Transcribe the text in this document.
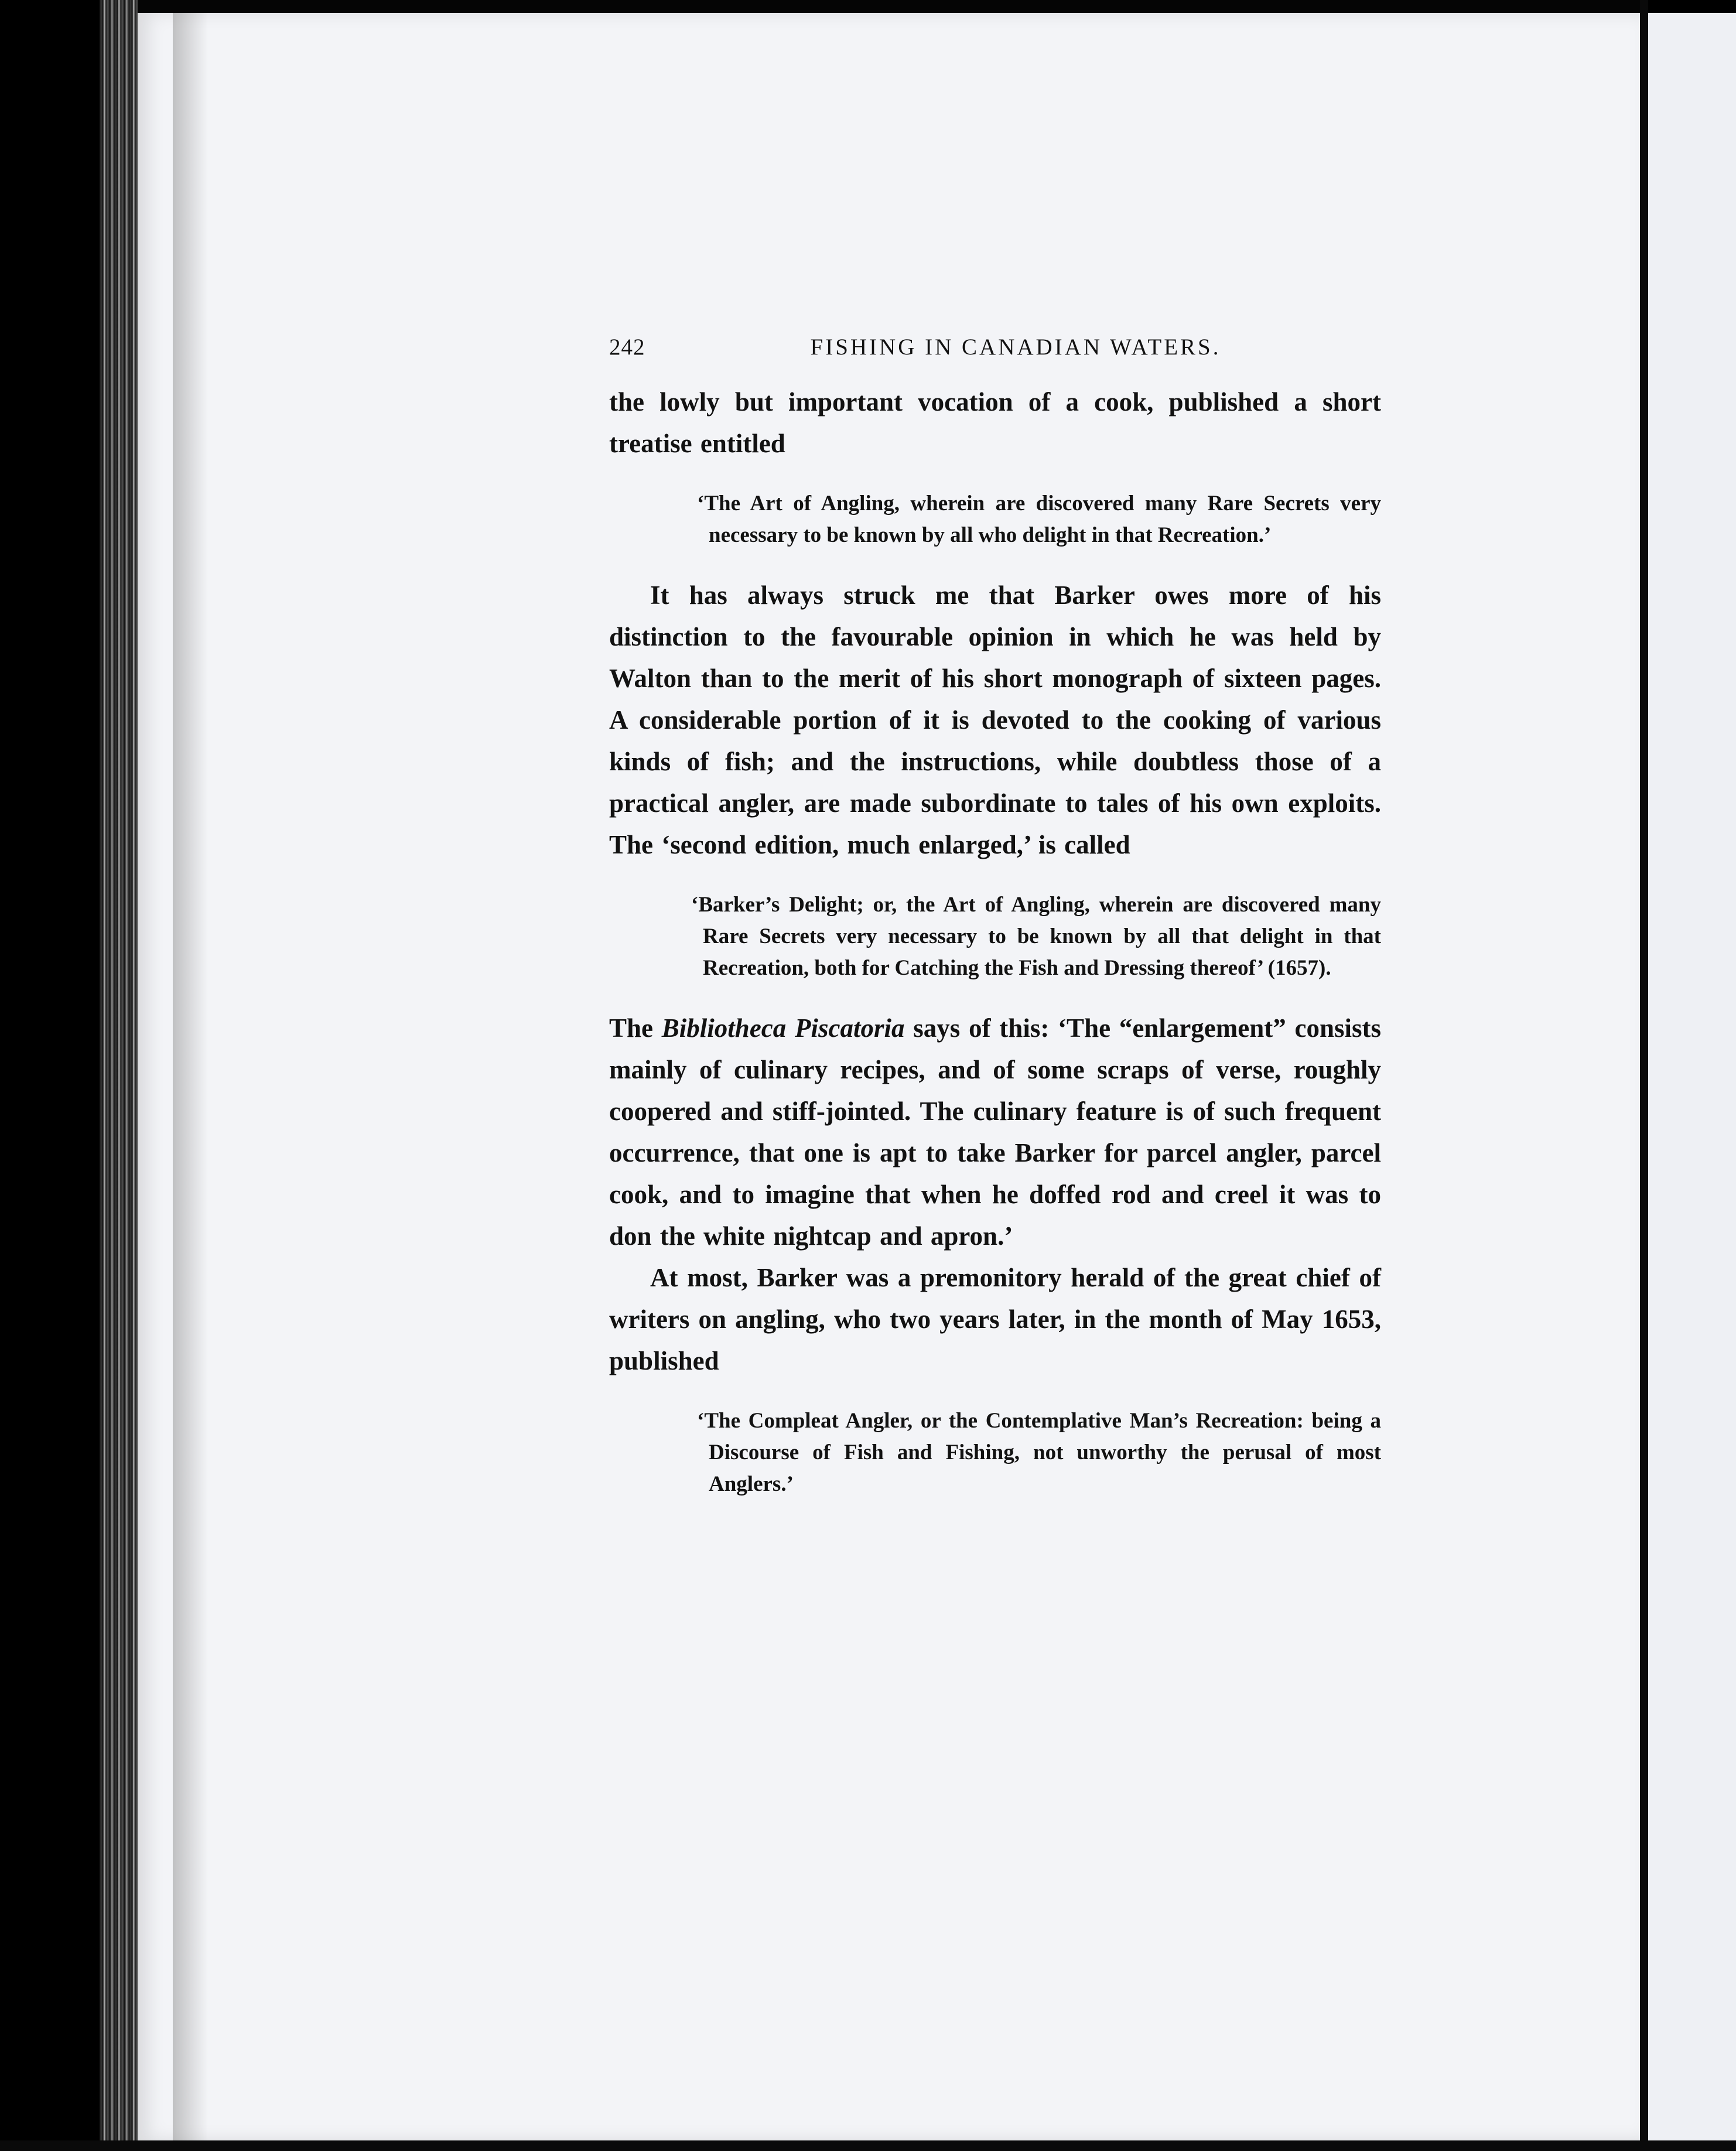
242	FISHING IN CANADIAN WATERS.

the lowly but important vocation of a cook, published a short treatise entitled

‘The Art of Angling, wherein are discovered many Rare Secrets very necessary to be known by all who delight in that Recreation.’

It has always struck me that Barker owes more of his distinction to the favourable opinion in which he was held by Walton than to the merit of his short monograph of sixteen pages. A considerable portion of it is devoted to the cooking of various kinds of fish; and the instructions, while doubtless those of a practical angler, are made subordinate to tales of his own exploits. The ‘second edition, much enlarged,’ is called

‘Barker’s Delight; or, the Art of Angling, wherein are discovered many Rare Secrets very necessary to be known by all that delight in that Recreation, both for Catching the Fish and Dressing thereof’ (1657).

The Bibliotheca Piscatoria says of this: ‘The “enlargement” consists mainly of culinary recipes, and of some scraps of verse, roughly coopered and stiff-jointed. The culinary feature is of such frequent occurrence, that one is apt to take Barker for parcel angler, parcel cook, and to imagine that when he doffed rod and creel it was to don the white nightcap and apron.’

At most, Barker was a premonitory herald of the great chief of writers on angling, who two years later, in the month of May 1653, published

‘The Compleat Angler, or the Contemplative Man’s Recreation: being a Discourse of Fish and Fishing, not unworthy the perusal of most Anglers.’
